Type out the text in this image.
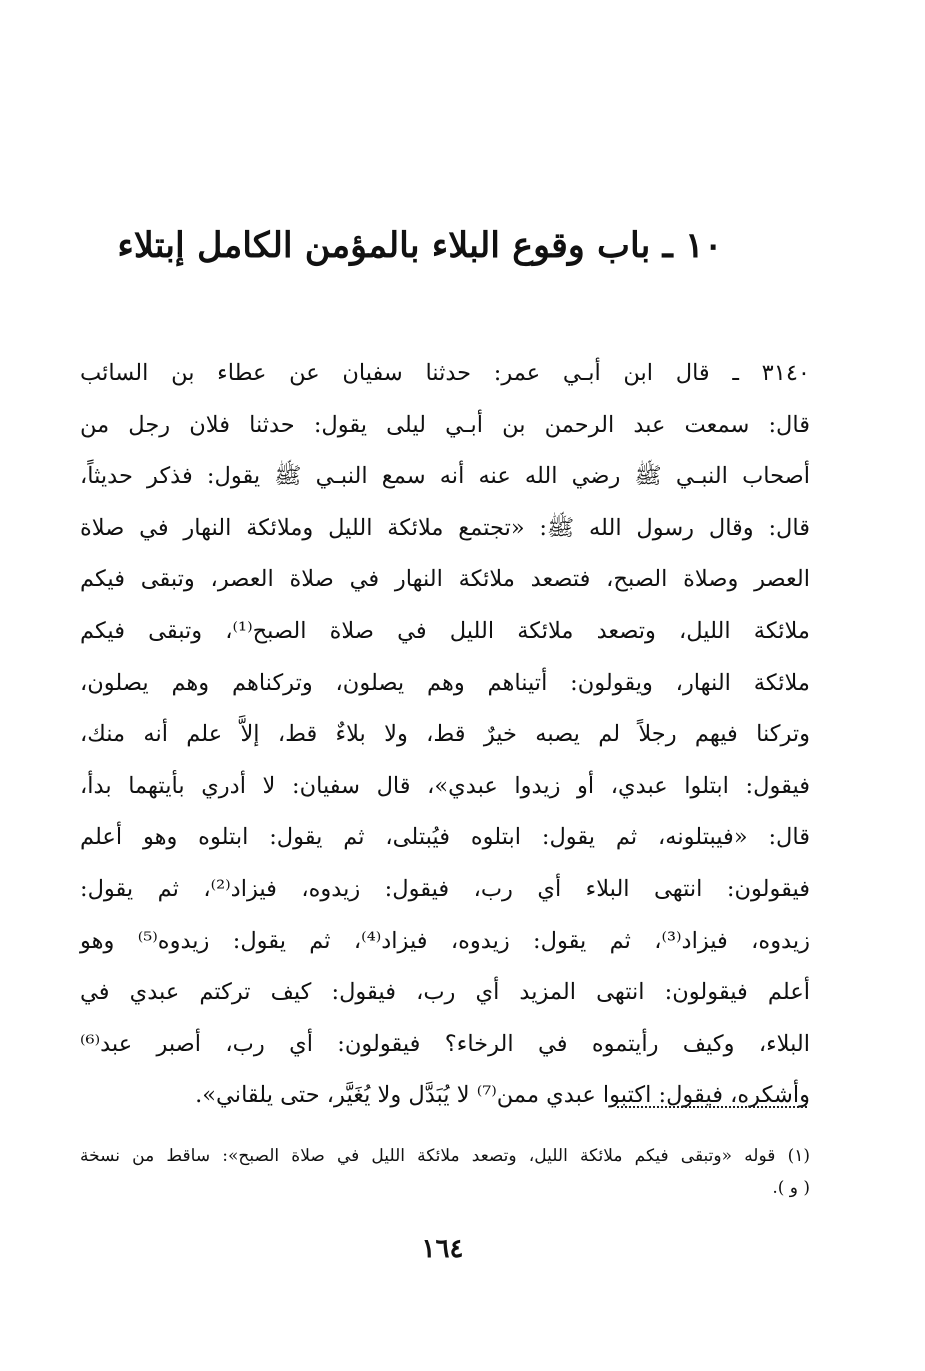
١٠ ـ باب وقوع البلاء بالمؤمن الكامل إبتلاء
٣١٤٠ ـ قال ابن أبـي عمر: حدثنا سفيان عن عطاء بن السائب
قال: سمعت عبد الرحمن بن أبـي ليلى يقول: حدثنا فلان رجل من
أصحاب النبـي ﷺ رضي الله عنه أنه سمع النبـي ﷺ يقول: فذكر حديثاً،
قال: وقال رسول الله ﷺ: «تجتمع ملائكة الليل وملائكة النهار في صلاة
العصر وصلاة الصبح، فتصعد ملائكة النهار في صلاة العصر، وتبقى فيكم
ملائكة الليل، وتصعد ملائكة الليل في صلاة الصبح⁽¹⁾، وتبقى فيكم
ملائكة النهار، ويقولون: أتيناهم وهم يصلون، وتركناهم وهم يصلون،
وتركنا فيهم رجلاً لم يصبه خيرٌ قط، ولا بلاءٌ قط، إلاَّ علم أنه منك،
فيقول: ابتلوا عبدي، أو زيدوا عبدي»، قال سفيان: لا أدري بأيتهما بدأ،
قال: «فيبتلونه، ثم يقول: ابتلوه فيُبتلى، ثم يقول: ابتلوه وهو أعلم
فيقولون: انتهى البلاء أي رب، فيقول: زيدوه، فيزاد⁽²⁾، ثم يقول:
زيدوه، فيزاد⁽³⁾، ثم يقول: زيدوه، فيزاد⁽⁴⁾، ثم يقول: زيدوه⁽⁵⁾ وهو
أعلم فيقولون: انتهى المزيد أي رب، فيقول: كيف تركتم عبدي في
البلاء، وكيف رأيتموه في الرخاء؟ فيقولون: أي رب، أصبر عبد⁽⁶⁾
وأشكره، فيقول: اكتبوا عبدي ممن⁽⁷⁾ لا يُبَدَّل ولا يُغَيَّر، حتى يلقاني».
(١) قوله «وتبقى فيكم ملائكة الليل، وتصعد ملائكة الليل في صلاة الصبح»: ساقط من نسخة
( و ).
١٦٤
